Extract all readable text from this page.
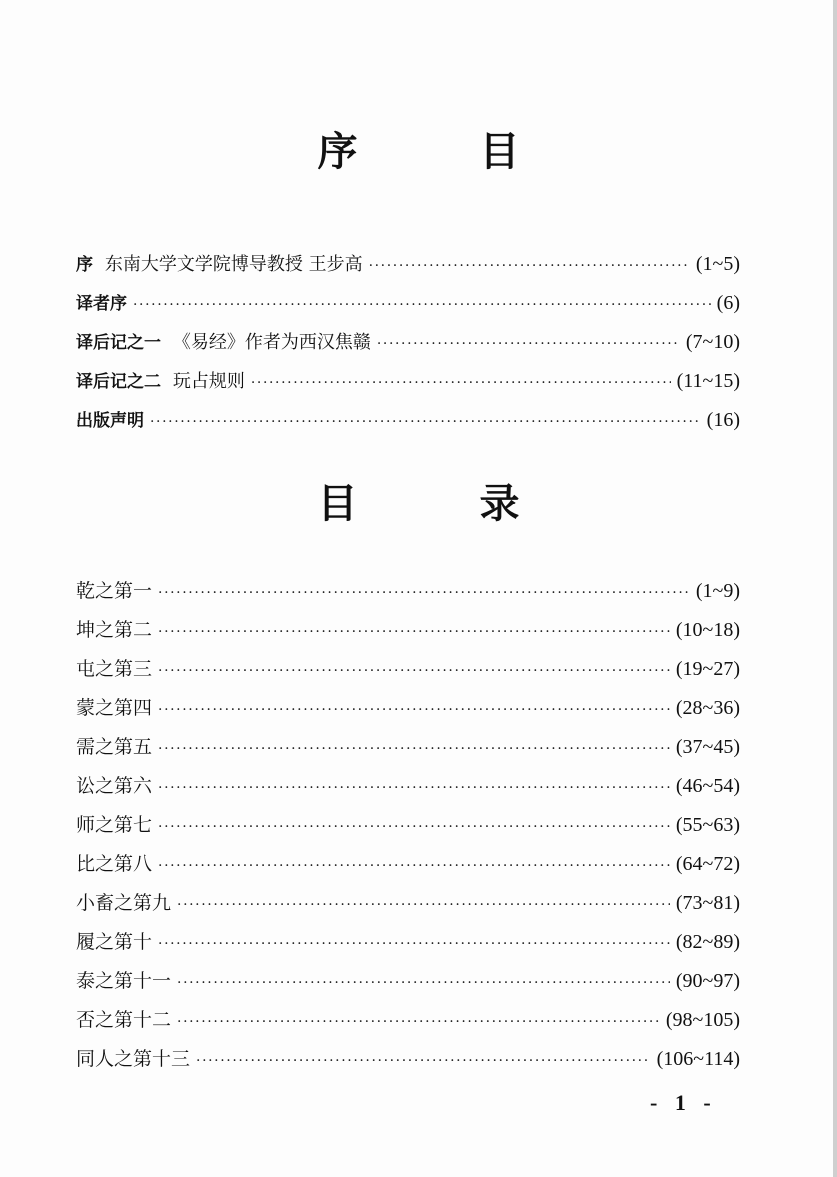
序 目
序 东南大学文学院博导教授 王步高 ·····	(1~5)
译者序 ·····	(6)
译后记之一 《易经》作者为西汉焦赣 ·····	(7~10)
译后记之二 玩占规则 ·····	(11~15)
出版声明 ·····	(16)
目 录
乾之第一 ·····	(1~9)
坤之第二 ·····	(10~18)
屯之第三 ·····	(19~27)
蒙之第四 ·····	(28~36)
需之第五 ·····	(37~45)
讼之第六 ·····	(46~54)
师之第七 ·····	(55~63)
比之第八 ·····	(64~72)
小畜之第九 ·····	(73~81)
履之第十 ·····	(82~89)
泰之第十一 ·····	(90~97)
否之第十二 ·····	(98~105)
同人之第十三 ·····	(106~114)
- 1 -
